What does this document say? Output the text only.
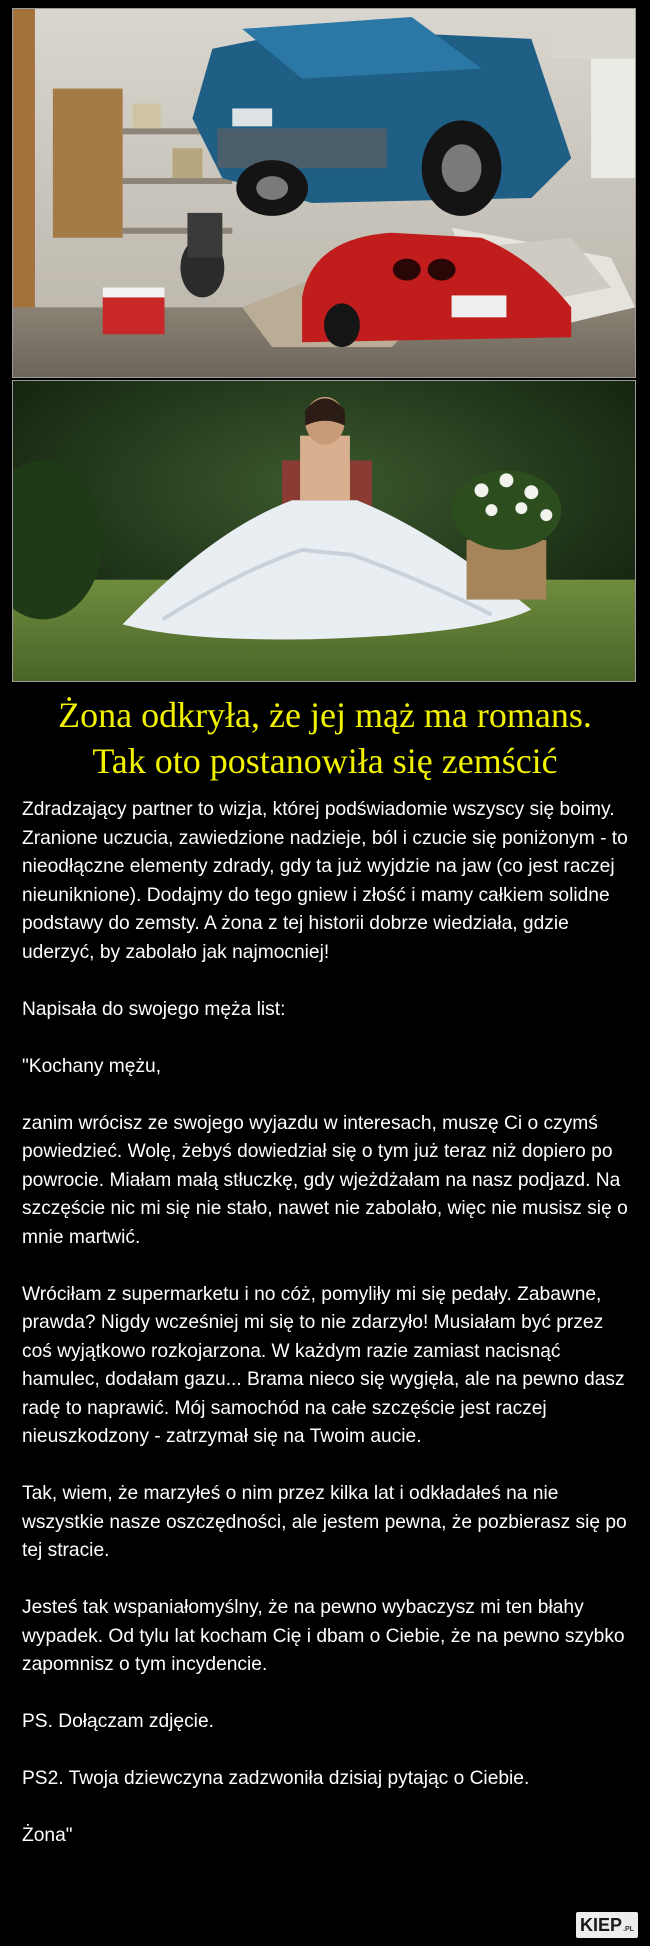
Żona odkryła, że jej mąż ma romans.
Tak oto postanowiła się zemścić

Zdradzający partner to wizja, której podświadomie wszyscy się boimy. Zranione uczucia, zawiedzione nadzieje, ból i czucie się poniżonym - to nieodłączne elementy zdrady, gdy ta już wyjdzie na jaw (co jest raczej nieuniknione). Dodajmy do tego gniew i złość i mamy całkiem solidne podstawy do zemsty. A żona z tej historii dobrze wiedziała, gdzie uderzyć, by zabolało jak najmocniej!

Napisała do swojego męża list:

"Kochany mężu,

zanim wrócisz ze swojego wyjazdu w interesach, muszę Ci o czymś powiedzieć. Wolę, żebyś dowiedział się o tym już teraz niż dopiero po powrocie. Miałam małą stłuczkę, gdy wjeżdżałam na nasz podjazd. Na szczęście nic mi się nie stało, nawet nie zabolało, więc nie musisz się o mnie martwić.

Wróciłam z supermarketu i no cóż, pomyliły mi się pedały. Zabawne, prawda? Nigdy wcześniej mi się to nie zdarzyło! Musiałam być przez coś wyjątkowo rozkojarzona. W każdym razie zamiast nacisnąć hamulec, dodałam gazu... Brama nieco się wygięła, ale na pewno dasz radę to naprawić. Mój samochód na całe szczęście jest raczej nieuszkodzony - zatrzymał się na Twoim aucie.

Tak, wiem, że marzyłeś o nim przez kilka lat i odkładałeś na nie wszystkie nasze oszczędności, ale jestem pewna, że pozbierasz się po tej stracie.

Jesteś tak wspaniałomyślny, że na pewno wybaczysz mi ten błahy wypadek. Od tylu lat kocham Cię i dbam o Ciebie, że na pewno szybko zapomnisz o tym incydencie.

PS. Dołączam zdjęcie.

PS2. Twoja dziewczyna zadzwoniła dzisiaj pytając o Ciebie.

Żona"

KIEP .PL
